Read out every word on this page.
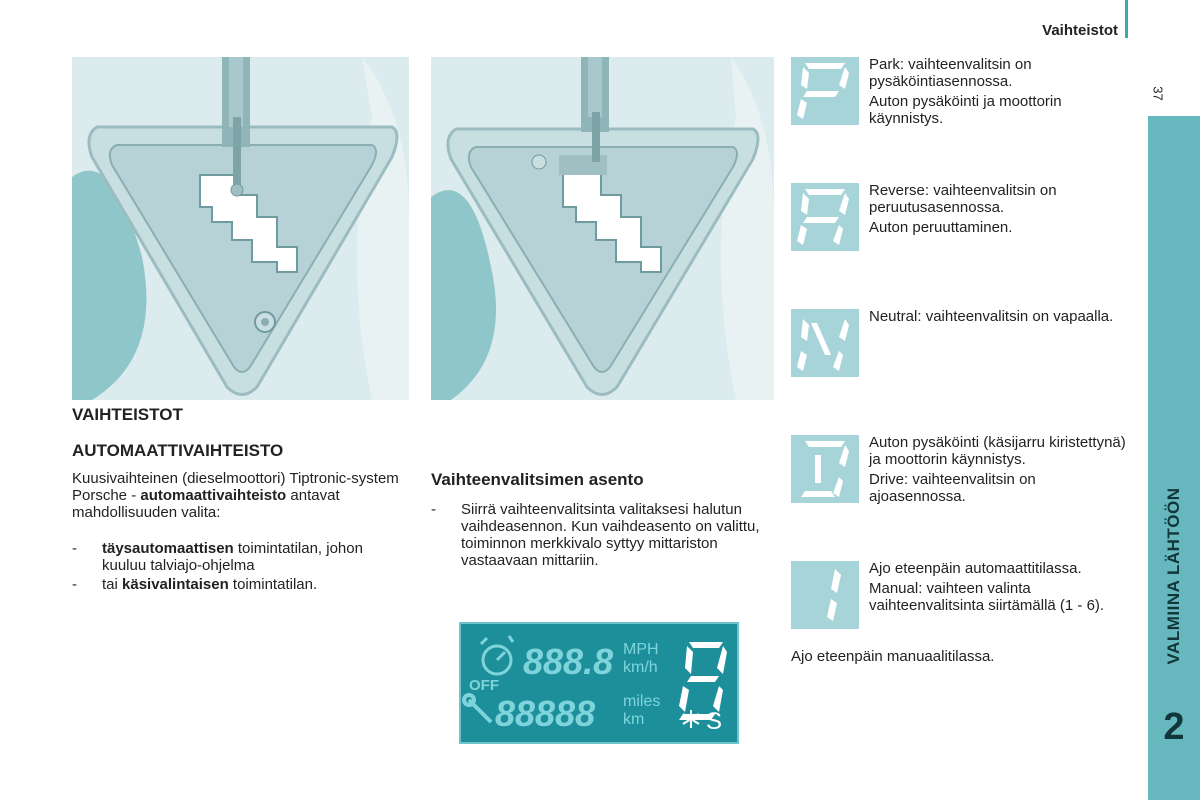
Vaihteistot
37
VALMIINA LÄHTÖÖN
2
VAIHTEISTOT
AUTOMAATTIVAIHTEISTO
Kuusivaihteinen (dieselmoottori) Tiptronic-system Porsche - automaattivaihteisto antavat mahdollisuuden valita:
-	täysautomaattisen toimintatilan, johon kuuluu talviajo-ohjelma
-	tai käsivalintaisen toimintatilan.
Vaihteenvalitsimen asento
-	Siirrä vaihteenvalitsinta valitaksesi halutun vaihdeasennon. Kun vaihdeasento on valittu, toiminnon merkkivalo syttyy mittariston vastaavaan mittariin.
888.8 MPH
km/h
OFF
88888 miles
km	S

Park: vaihteenvalitsin on pysäköintiasennossa.

Auton pysäköinti ja moottorin käynnistys.

Reverse: vaihteenvalitsin on peruutusasennossa.

Auton peruuttaminen.

Neutral: vaihteenvalitsin on vapaalla.

Auton pysäköinti (käsijarru kiristettynä) ja moottorin käynnistys.

Drive: vaihteenvalitsin on ajoasennossa.

Ajo eteenpäin automaattitilassa.

Manual: vaihteen valinta vaihteenvalitsinta siirtämällä (1 - 6).

Ajo eteenpäin manuaalitilassa.
